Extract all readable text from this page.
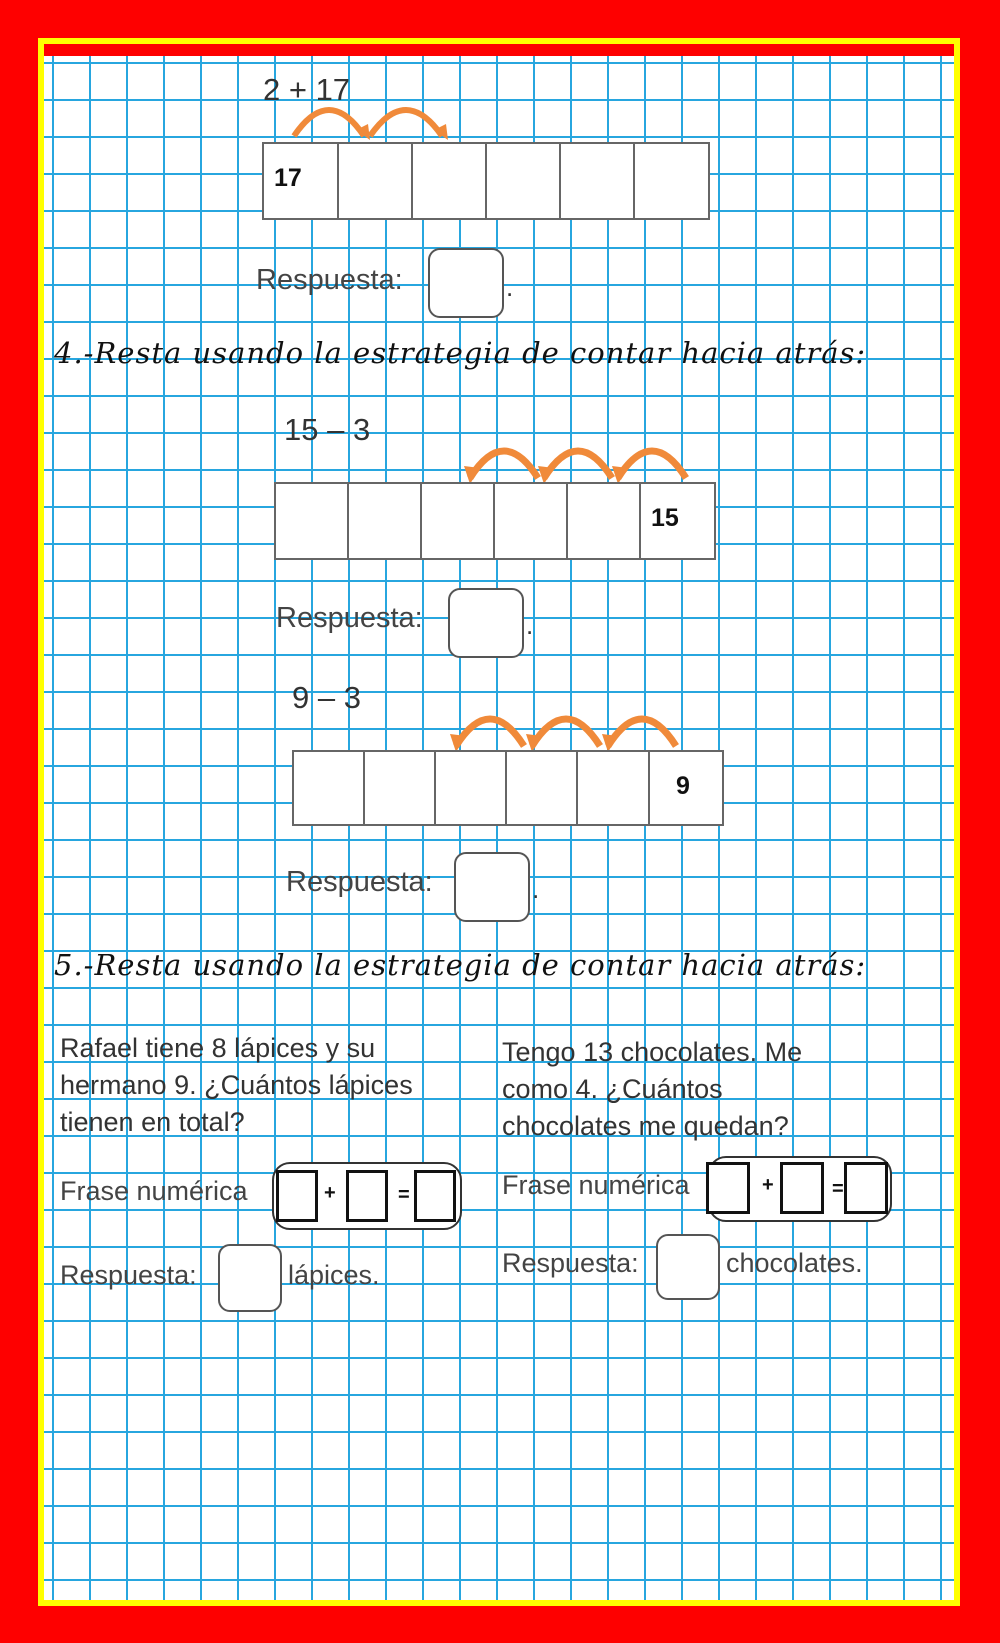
2 + 17
17
Respuesta:	.
4.-Resta usando la estrategia de contar hacia atrás:
15 – 3
15
Respuesta:	.
9 – 3
9
Respuesta:	.
5.-Resta usando la estrategia de contar hacia atrás:
Rafael tiene 8 lápices y su hermano 9. ¿Cuántos lápices tienen en total?
Frase numérica	+	=
Respuesta:	lápices.
Tengo 13 chocolates. Me como 4. ¿Cuántos chocolates me quedan?
Frase numérica	+	=
Respuesta:	chocolates.
